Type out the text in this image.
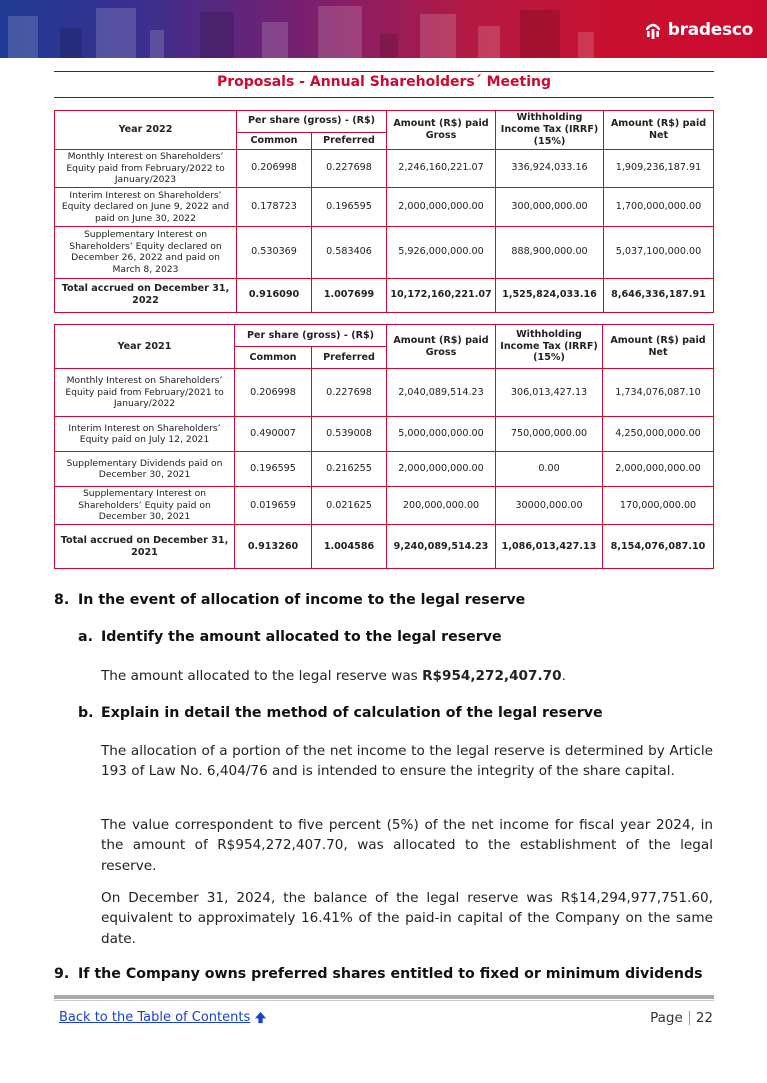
bradesco
Proposals - Annual Shareholders´ Meeting
Year 2022	Per share (gross) - (R$)		Amount (R$) paid Gross	Withholding Income Tax (IRRF) (15%)	Amount (R$) paid Net
	Common	Preferred			
Monthly Interest on Shareholders’ Equity paid from February/2022 to January/2023	0.206998	0.227698	2,246,160,221.07	336,924,033.16	1,909,236,187.91
Interim Interest on Shareholders’ Equity declared on June 9, 2022 and paid on June 30, 2022	0.178723	0.196595	2,000,000,000.00	300,000,000.00	1,700,000,000.00
Supplementary Interest on Shareholders’ Equity declared on December 26, 2022 and paid on March 8, 2023	0.530369	0.583406	5,926,000,000.00	888,900,000.00	5,037,100,000.00
Total accrued on December 31, 2022	0.916090	1.007699	10,172,160,221.07	1,525,824,033.16	8,646,336,187.91
Year 2021	Per share (gross) - (R$)		Amount (R$) paid Gross	Withholding Income Tax (IRRF) (15%)	Amount (R$) paid Net
	Common	Preferred			
Monthly Interest on Shareholders’ Equity paid from February/2021 to January/2022	0.206998	0.227698	2,040,089,514.23	306,013,427.13	1,734,076,087.10
Interim Interest on Shareholders’ Equity paid on July 12, 2021	0.490007	0.539008	5,000,000,000.00	750,000,000.00	4,250,000,000.00
Supplementary Dividends paid on December 30, 2021	0.196595	0.216255	2,000,000,000.00	0.00	2,000,000,000.00
Supplementary Interest on Shareholders’ Equity paid on December 30, 2021	0.019659	0.021625	200,000,000.00	30000,000.00	170,000,000.00
Total accrued on December 31, 2021	0.913260	1.004586	9,240,089,514.23	1,086,013,427.13	8,154,076,087.10
8. In the event of allocation of income to the legal reserve
a. Identify the amount allocated to the legal reserve
The amount allocated to the legal reserve was R$954,272,407.70.
b. Explain in detail the method of calculation of the legal reserve
The allocation of a portion of the net income to the legal reserve is determined by Article 193 of Law No. 6,404/76 and is intended to ensure the integrity of the share capital.
The value correspondent to five percent (5%) of the net income for fiscal year 2024, in the amount of R$954,272,407.70, was allocated to the establishment of the legal reserve.
On December 31, 2024, the balance of the legal reserve was R$14,294,977,751.60, equivalent to approximately 16.41% of the paid-in capital of the Company on the same date.
9. If the Company owns preferred shares entitled to fixed or minimum dividends
Back to the Table of Contents	Page 22
